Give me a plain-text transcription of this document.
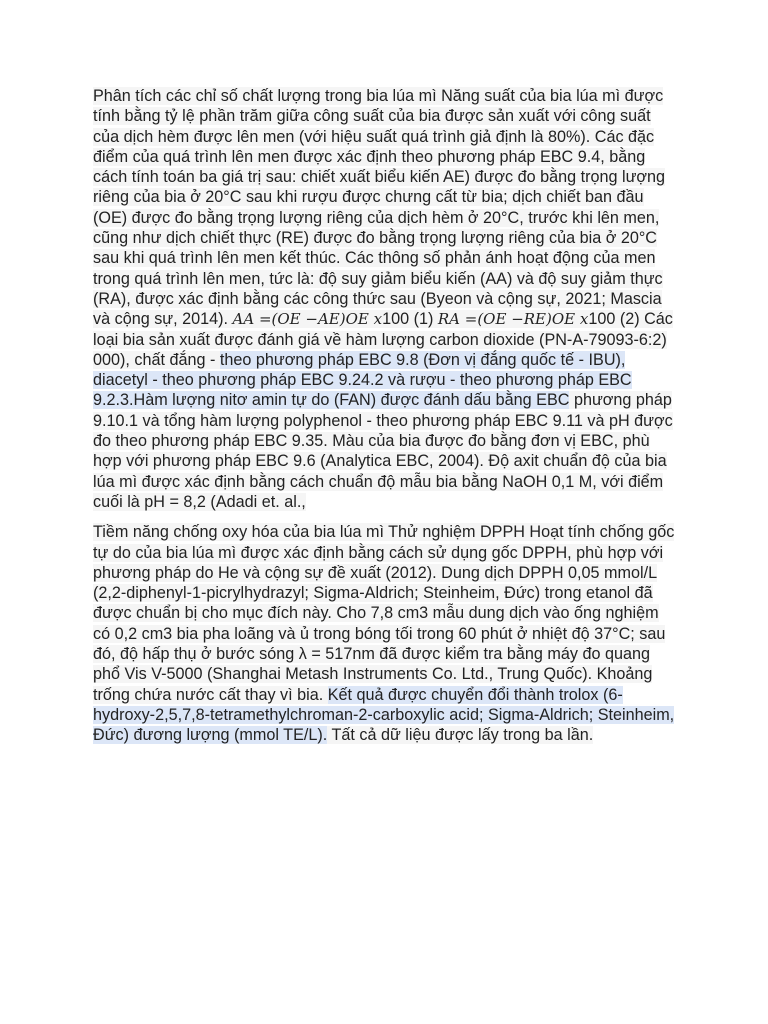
Phân tích các chỉ số chất lượng trong bia lúa mì Năng suất của bia lúa mì được tính bằng tỷ lệ phần trăm giữa công suất của bia được sản xuất với công suất của dịch hèm được lên men (với hiệu suất quá trình giả định là 80%). Các đặc điểm của quá trình lên men được xác định theo phương pháp EBC 9.4, bằng cách tính toán ba giá trị sau: chiết xuất biểu kiến AE) được đo bằng trọng lượng riêng của bia ở 20°C sau khi rượu được chưng cất từ bia; dịch chiết ban đầu (OE) được đo bằng trọng lượng riêng của dịch hèm ở 20°C, trước khi lên men, cũng như dịch chiết thực (RE) được đo bằng trọng lượng riêng của bia ở 20°C sau khi quá trình lên men kết thúc. Các thông số phản ánh hoạt động của men trong quá trình lên men, tức là: độ suy giảm biểu kiến (AA) và độ suy giảm thực (RA), được xác định bằng các công thức sau (Byeon và cộng sự, 2021; Mascia và cộng sự, 2014). AA =(OE −AE)OE x100 (1) RA =(OE −RE)OE x100 (2) Các loại bia sản xuất được đánh giá về hàm lượng carbon dioxide (PN-A-79093-6:2) 000), chất đắng - theo phương pháp EBC 9.8 (Đơn vị đắng quốc tế - IBU), diacetyl - theo phương pháp EBC 9.24.2 và rượu - theo phương pháp EBC 9.2.3.Hàm lượng nitơ amin tự do (FAN) được đánh dấu bằng EBC phương pháp 9.10.1 và tổng hàm lượng polyphenol - theo phương pháp EBC 9.11 và pH được đo theo phương pháp EBC 9.35. Màu của bia được đo bằng đơn vị EBC, phù hợp với phương pháp EBC 9.6 (Analytica EBC, 2004). Độ axit chuẩn độ của bia lúa mì được xác định bằng cách chuẩn độ mẫu bia bằng NaOH 0,1 M, với điểm cuối là pH = 8,2 (Adadi et. al.,

Tiềm năng chống oxy hóa của bia lúa mì Thử nghiệm DPPH Hoạt tính chống gốc tự do của bia lúa mì được xác định bằng cách sử dụng gốc DPPH, phù hợp với phương pháp do He và cộng sự đề xuất (2012). Dung dịch DPPH 0,05 mmol/L (2,2-diphenyl-1-picrylhydrazyl; Sigma-Aldrich; Steinheim, Đức) trong etanol đã được chuẩn bị cho mục đích này. Cho 7,8 cm3 mẫu dung dịch vào ống nghiệm có 0,2 cm3 bia pha loãng và ủ trong bóng tối trong 60 phút ở nhiệt độ 37°C; sau đó, độ hấp thụ ở bước sóng λ = 517nm đã được kiểm tra bằng máy đo quang phổ Vis V-5000 (Shanghai Metash Instruments Co. Ltd., Trung Quốc). Khoảng trống chứa nước cất thay vì bia. Kết quả được chuyển đổi thành trolox (6-hydroxy-2,5,7,8-tetramethylchroman-2-carboxylic acid; Sigma-Aldrich; Steinheim, Đức) đương lượng (mmol TE/L). Tất cả dữ liệu được lấy trong ba lần.
